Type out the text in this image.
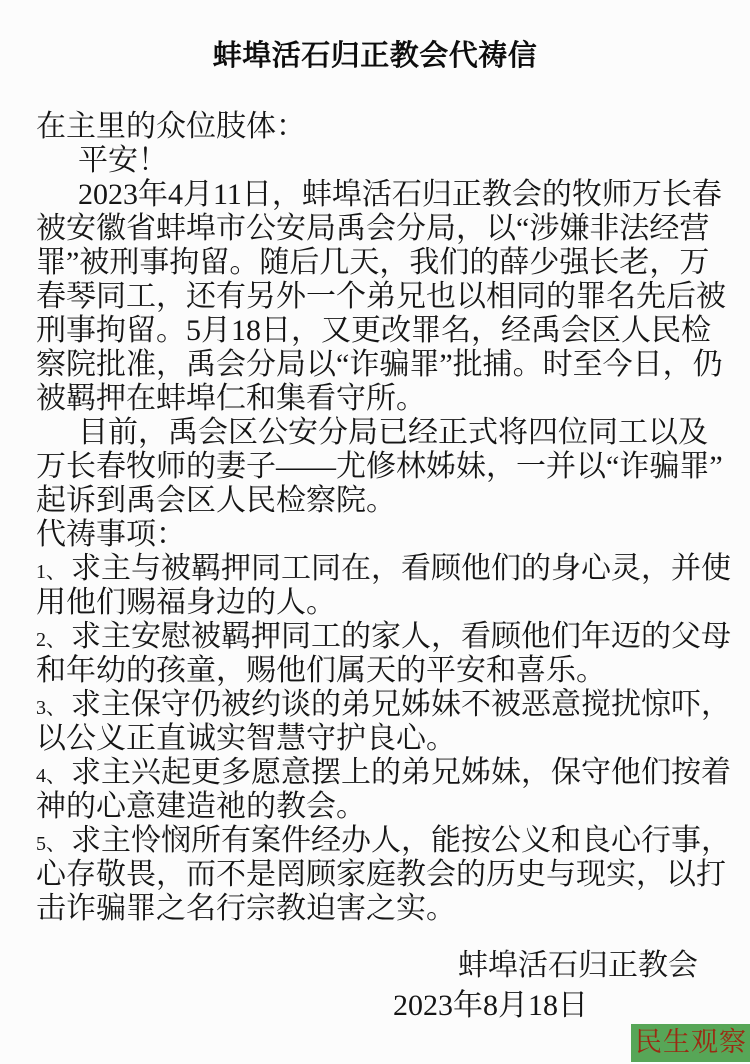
蚌埠活石归正教会代祷信
在主里的众位肢体：
平安！
2023年4月11日，蚌埠活石归正教会的牧师万长春
被安徽省蚌埠市公安局禹会分局，以“涉嫌非法经营
罪”被刑事拘留。随后几天，我们的薛少强长老，万
春琴同工，还有另外一个弟兄也以相同的罪名先后被
刑事拘留。5月18日，又更改罪名，经禹会区人民检
察院批准，禹会分局以“诈骗罪”批捕。时至今日，仍
被羁押在蚌埠仁和集看守所。
目前，禹会区公安分局已经正式将四位同工以及
万长春牧师的妻子——尤修林姊妹，一并以“诈骗罪”
起诉到禹会区人民检察院。
代祷事项：
1、 求主与被羁押同工同在，看顾他们的身心灵，并使
用他们赐福身边的人。
2、 求主安慰被羁押同工的家人，看顾他们年迈的父母
和年幼的孩童，赐他们属天的平安和喜乐。
3、 求主保守仍被约谈的弟兄姊妹不被恶意搅扰惊吓，
以公义正直诚实智慧守护良心。
4、 求主兴起更多愿意摆上的弟兄姊妹，保守他们按着
神的心意建造祂的教会。
5、 求主怜悯所有案件经办人，能按公义和良心行事，
心存敬畏，而不是罔顾家庭教会的历史与现实，以打
击诈骗罪之名行宗教迫害之实。
蚌埠活石归正教会
2023年8月18日
民生观察
